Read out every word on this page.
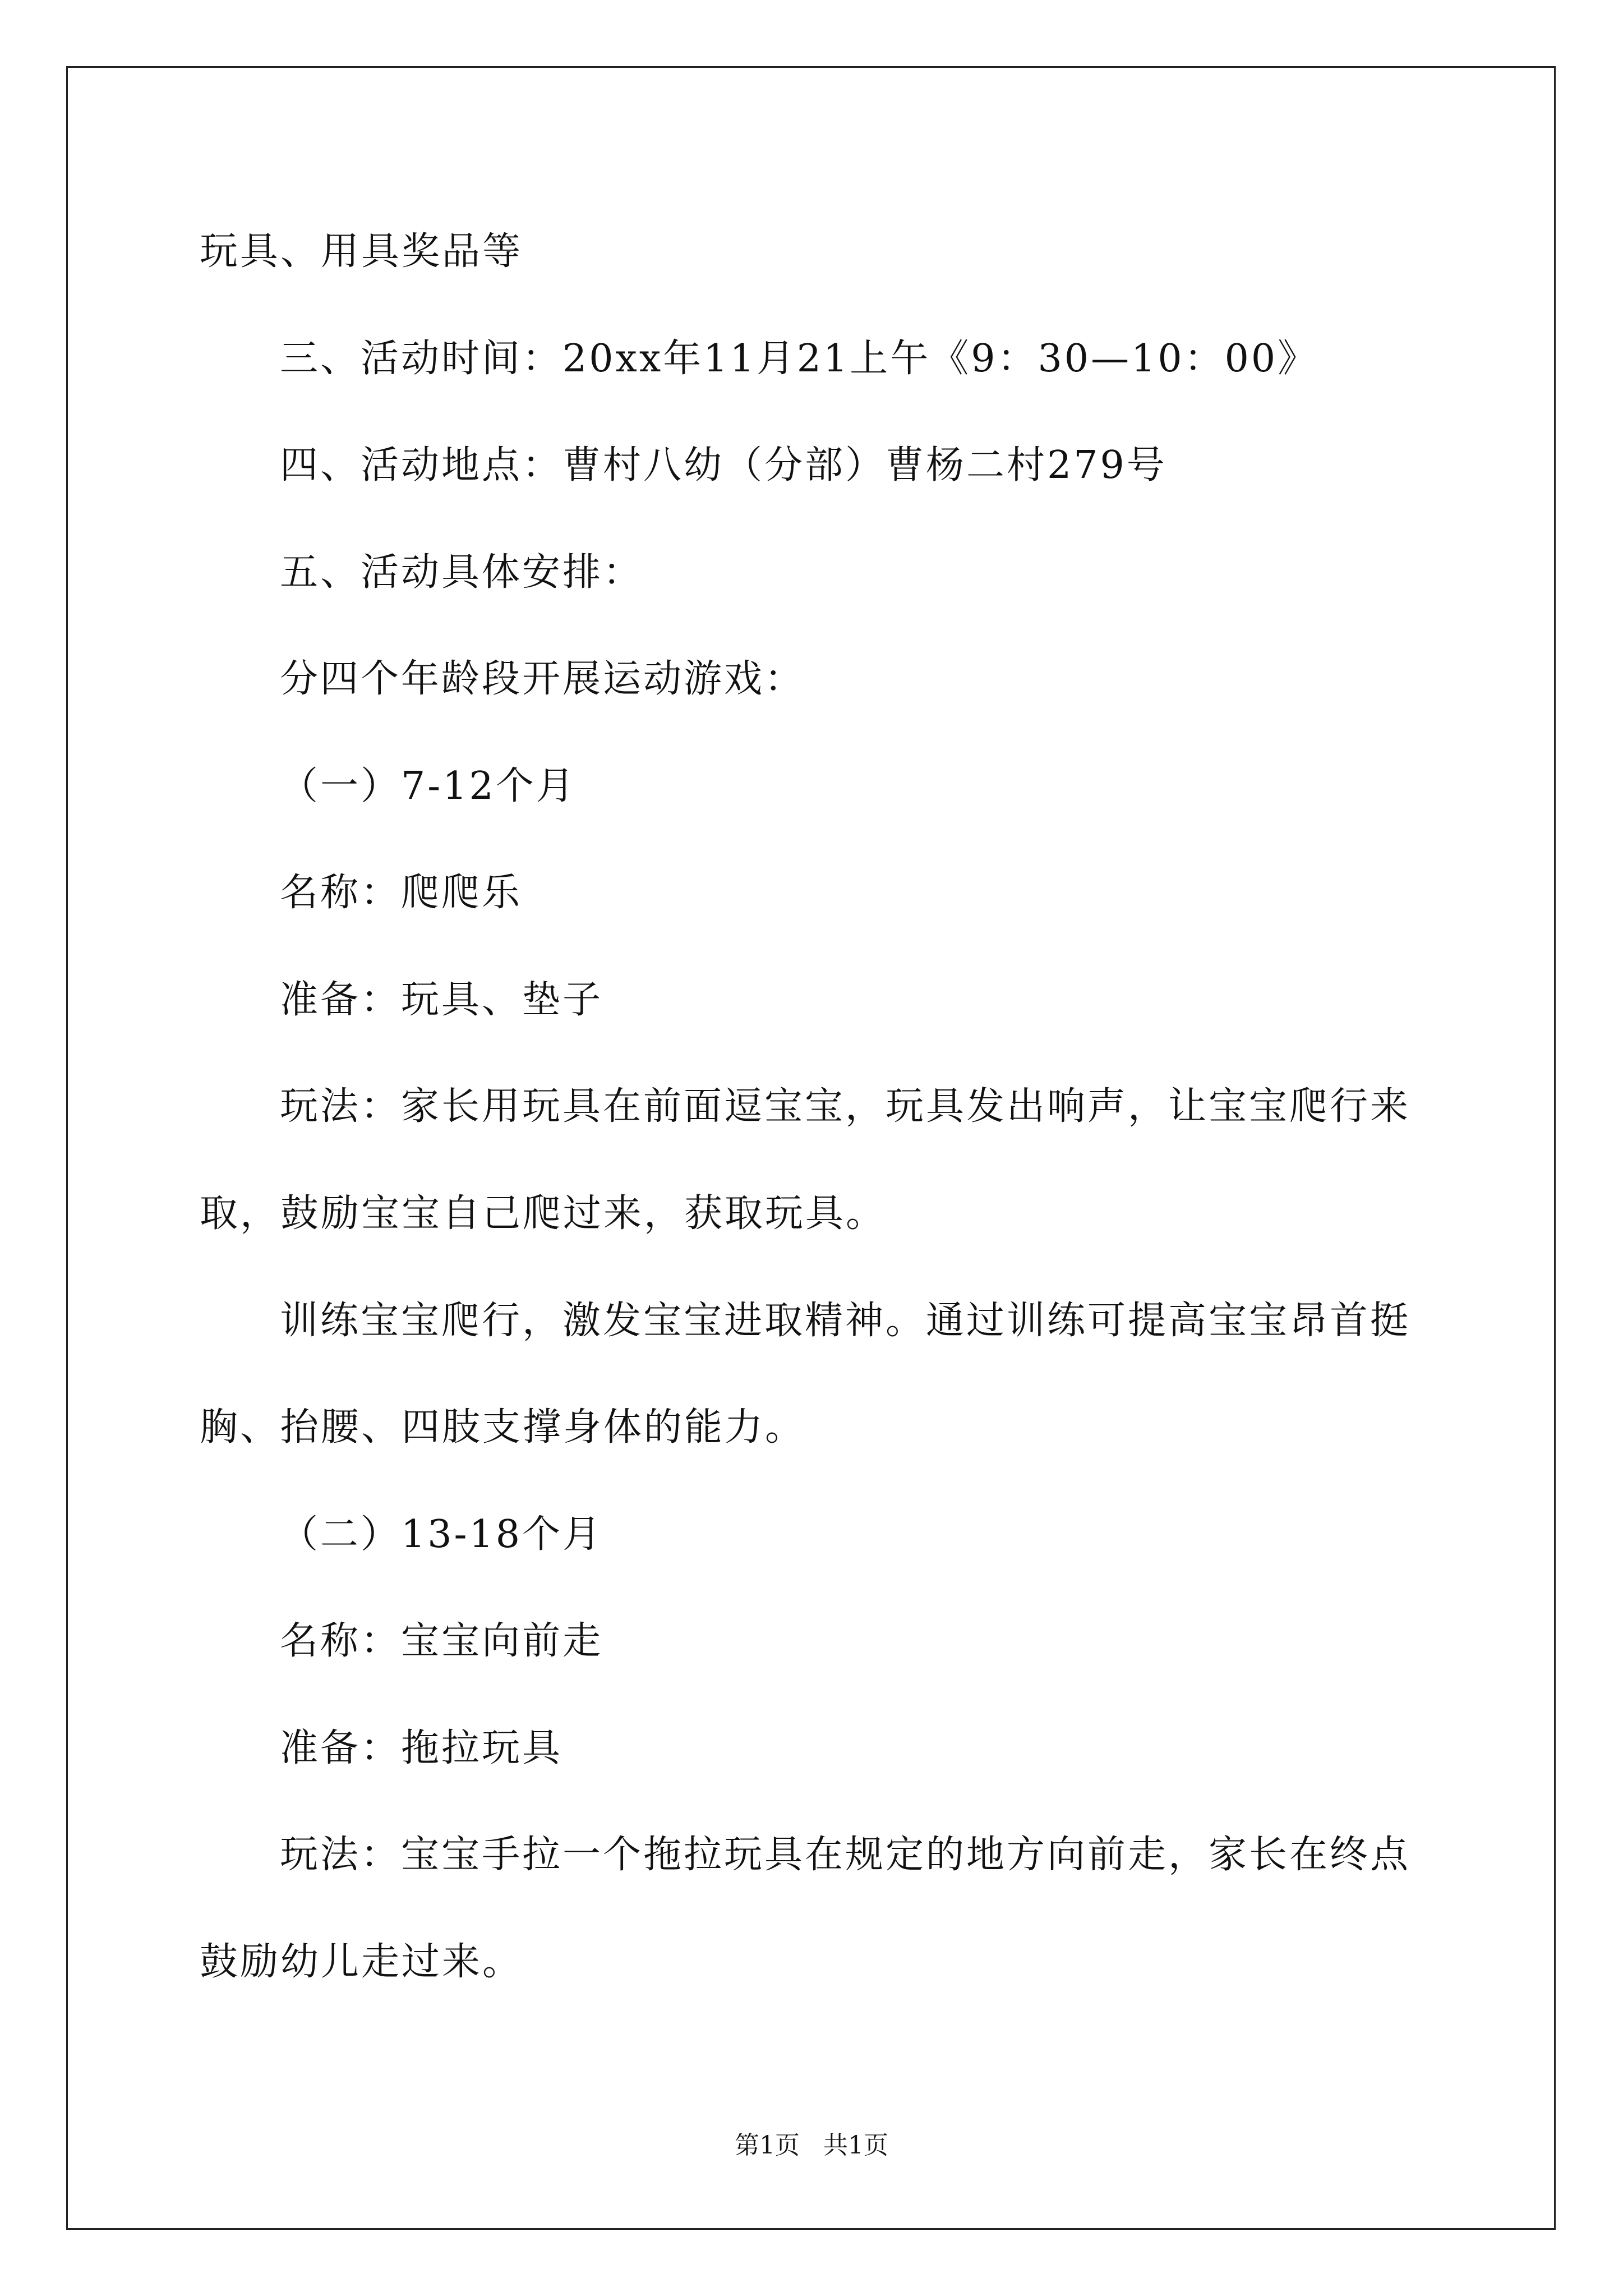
玩具、用具奖品等
三、活动时间：20xx年11月21上午《9：30—10：00》
四、活动地点：曹村八幼（分部）曹杨二村279号
五、活动具体安排：
分四个年龄段开展运动游戏：
（一）7-12个月
名称：爬爬乐
准备：玩具、垫子
玩法：家长用玩具在前面逗宝宝，玩具发出响声，让宝宝爬行来
取，鼓励宝宝自己爬过来，获取玩具。
训练宝宝爬行，激发宝宝进取精神。通过训练可提高宝宝昂首挺
胸、抬腰、四肢支撑身体的能力。
（二）13-18个月
名称：宝宝向前走
准备：拖拉玩具
玩法：宝宝手拉一个拖拉玩具在规定的地方向前走，家长在终点
鼓励幼儿走过来。
第1页   共1页
